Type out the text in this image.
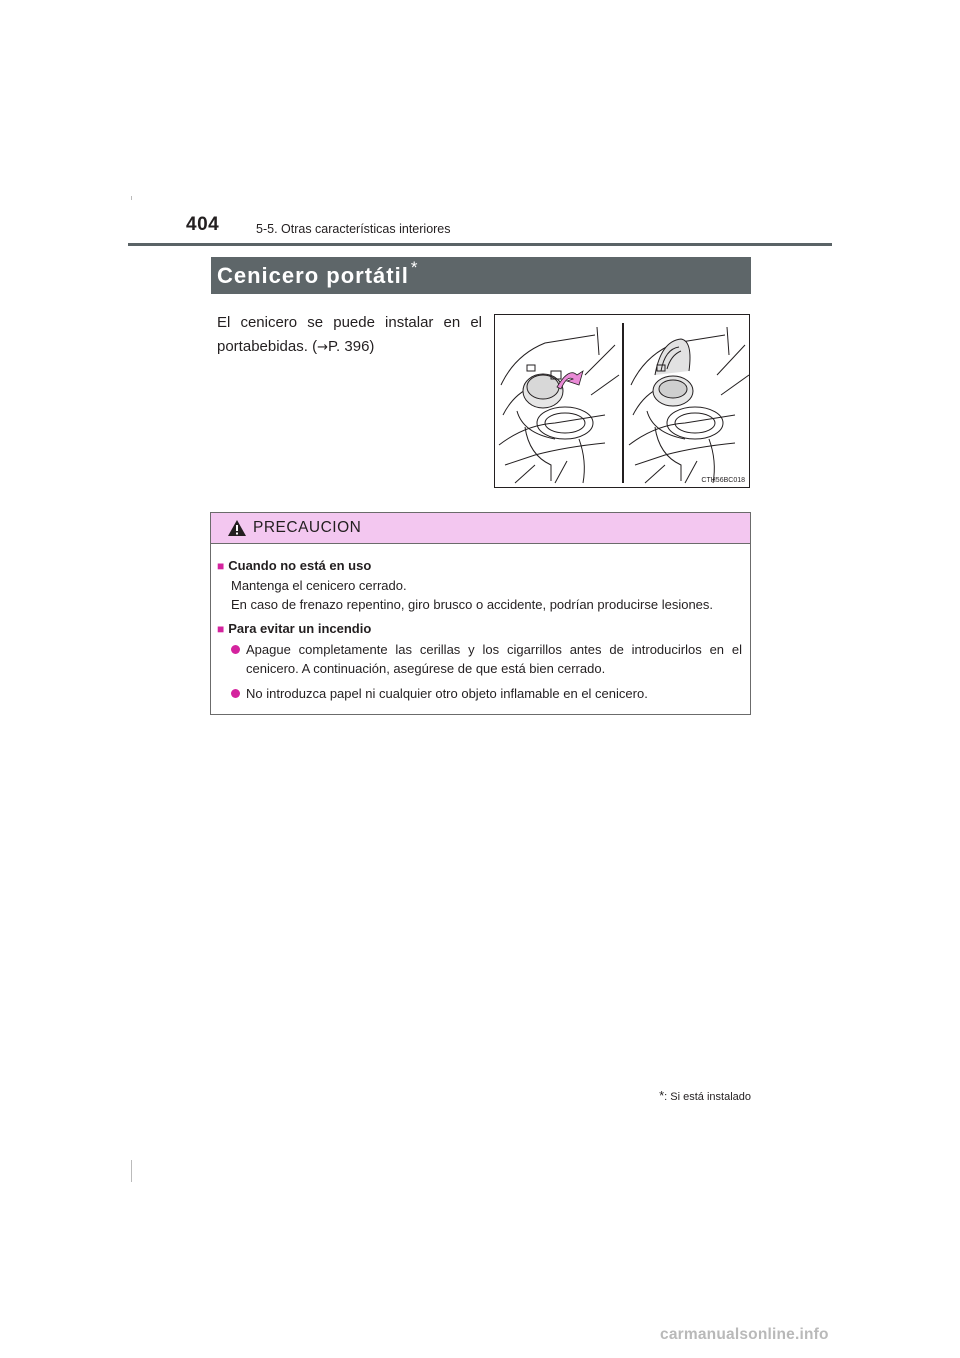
404	5-5. Otras características interiores
Cenicero portátil *
El cenicero se puede instalar en el portabebidas. (→P. 396)
CTH56BC018
PRECAUCION
■ Cuando no está en uso
Mantenga el cenicero cerrado.
En caso de frenazo repentino, giro brusco o accidente, podrían producirse lesiones.
■ Para evitar un incendio
Apague completamente las cerillas y los cigarrillos antes de introducirlos en el cenicero. A continuación, asegúrese de que está bien cerrado.
No introduzca papel ni cualquier otro objeto inflamable en el cenicero.
*: Si está instalado
carmanualsonline.info
